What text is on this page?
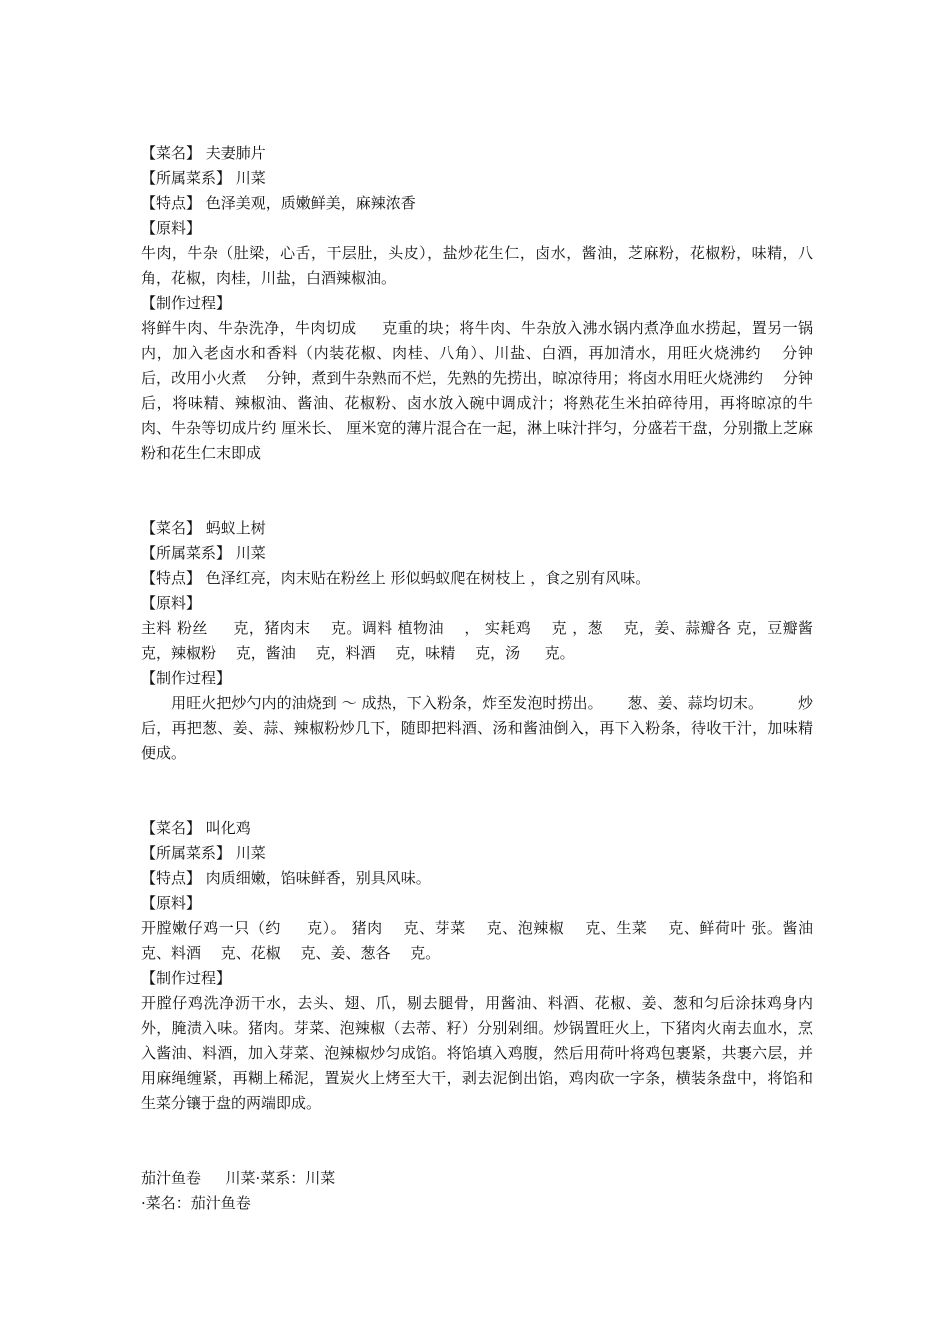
【菜名】 夫妻肺片
【所属菜系】 川菜
【特点】 色泽美观，质嫩鲜美，麻辣浓香
【原料】
牛肉，牛杂（肚梁，心舌，干层肚，头皮），盐炒花生仁，卤水，酱油，芝麻粉，花椒粉，味精，八角，花椒，肉桂，川盐，白酒辣椒油。
【制作过程】
将鲜牛肉、牛杂洗净，牛肉切成 　 克重的块；将牛肉、牛杂放入沸水锅内煮净血水捞起，置另一锅内，加入老卤水和香料（内装花椒、肉桂、八角）、川盐、白酒，再加清水，用旺火烧沸约 　分钟后，改用小火煮 　分钟，煮到牛杂熟而不烂，先熟的先捞出，晾凉待用；将卤水用旺火烧沸约 　分钟后，将味精、辣椒油、酱油、花椒粉、卤水放入碗中调成汁；将熟花生米拍碎待用，再将晾凉的牛肉、牛杂等切成片约 厘米长、 厘米宽的薄片混合在一起，淋上味汁拌匀，分盛若干盘，分别撒上芝麻粉和花生仁末即成
【菜名】 蚂蚁上树
【所属菜系】 川菜
【特点】 色泽红亮，肉末贴在粉丝上 形似蚂蚁爬在树枝上 ，食之别有风味。
【原料】
主料 粉丝 　 克，猪肉末 　克。调料 植物油 　， 实耗鸡 　克 ，葱 　克，姜、蒜瓣各 克，豆瓣酱 　克，辣椒粉 　克，酱油 　克，料酒 　克，味精 　克，汤 　 克。
【制作过程】
　　用旺火把炒勺内的油烧到 ～ 成热，下入粉条，炸至发泡时捞出。 　 葱、姜、蒜均切末。 　　炒后，再把葱、姜、蒜、辣椒粉炒几下，随即把料酒、汤和酱油倒入，再下入粉条，待收干汁，加味精便成。
【菜名】 叫化鸡
【所属菜系】 川菜
【特点】 肉质细嫩，馅味鲜香，别具风味。
【原料】
开膛嫩仔鸡一只（约 　 克）。 猪肉 　克、芽菜 　克、泡辣椒 　克、生菜 　克、鲜荷叶 张。酱油 　克、料酒 　克、花椒 　克、姜、葱各 　克。
【制作过程】
开膛仔鸡洗净沥干水，去头、翅、爪，剔去腿骨，用酱油、料酒、花椒、姜、葱和匀后涂抹鸡身内外，腌渍入味。猪肉。芽菜、泡辣椒（去蒂、籽）分别剁细。炒锅置旺火上，下猪肉火南去血水，烹入酱油、料酒，加入芽菜、泡辣椒炒匀成馅。将馅填入鸡腹，然后用荷叶将鸡包裹紧，共裹六层，并用麻绳缠紧，再糊上稀泥，置炭火上烤至大干，剥去泥倒出馅，鸡肉砍一字条，横装条盘中，将馅和生菜分镶于盘的两端即成。
茄汁鱼卷 　 川菜·菜系：川菜
·菜名：茄汁鱼卷
